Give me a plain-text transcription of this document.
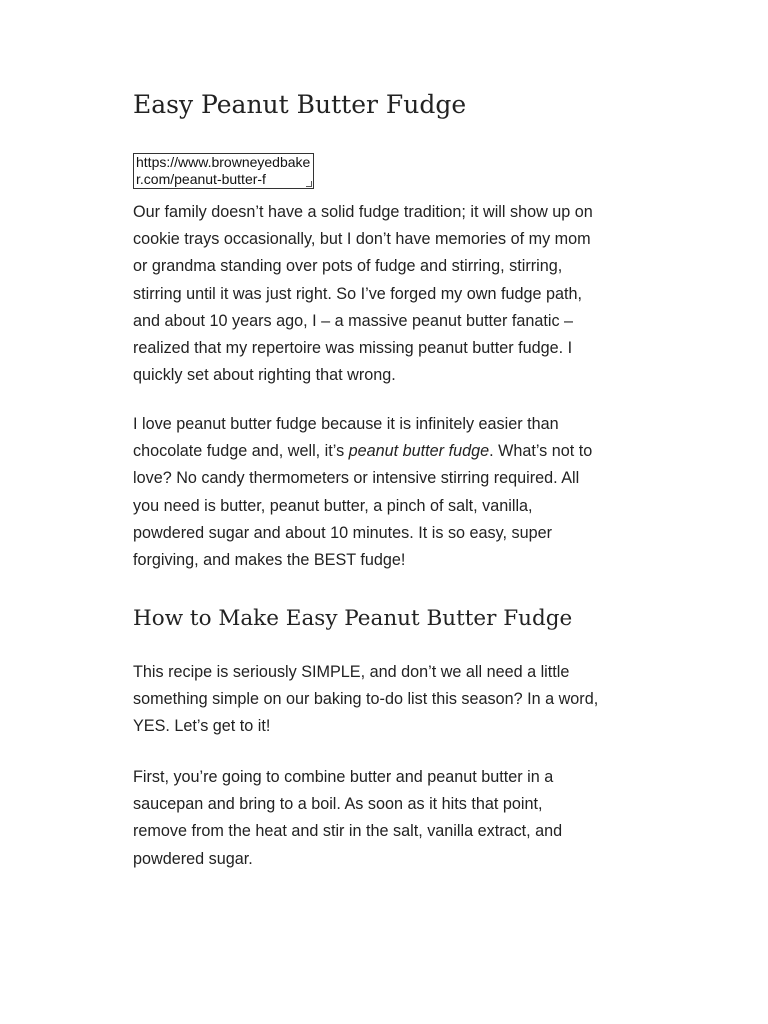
Easy Peanut Butter Fudge
https://www.browneyedbaker.com/peanut-butter-f

Our family doesn’t have a solid fudge tradition; it will show up on
cookie trays occasionally, but I don’t have memories of my mom
or grandma standing over pots of fudge and stirring, stirring,
stirring until it was just right. So I’ve forged my own fudge path,
and about 10 years ago, I – a massive peanut butter fanatic –
realized that my repertoire was missing peanut butter fudge. I
quickly set about righting that wrong.

I love peanut butter fudge because it is infinitely easier than
chocolate fudge and, well, it’s peanut butter fudge. What’s not to
love? No candy thermometers or intensive stirring required. All
you need is butter, peanut butter, a pinch of salt, vanilla,
powdered sugar and about 10 minutes. It is so easy, super
forgiving, and makes the BEST fudge!

How to Make Easy Peanut Butter Fudge

This recipe is seriously SIMPLE, and don’t we all need a little
something simple on our baking to-do list this season? In a word,
YES. Let’s get to it!

First, you’re going to combine butter and peanut butter in a
saucepan and bring to a boil. As soon as it hits that point,
remove from the heat and stir in the salt, vanilla extract, and
powdered sugar.
